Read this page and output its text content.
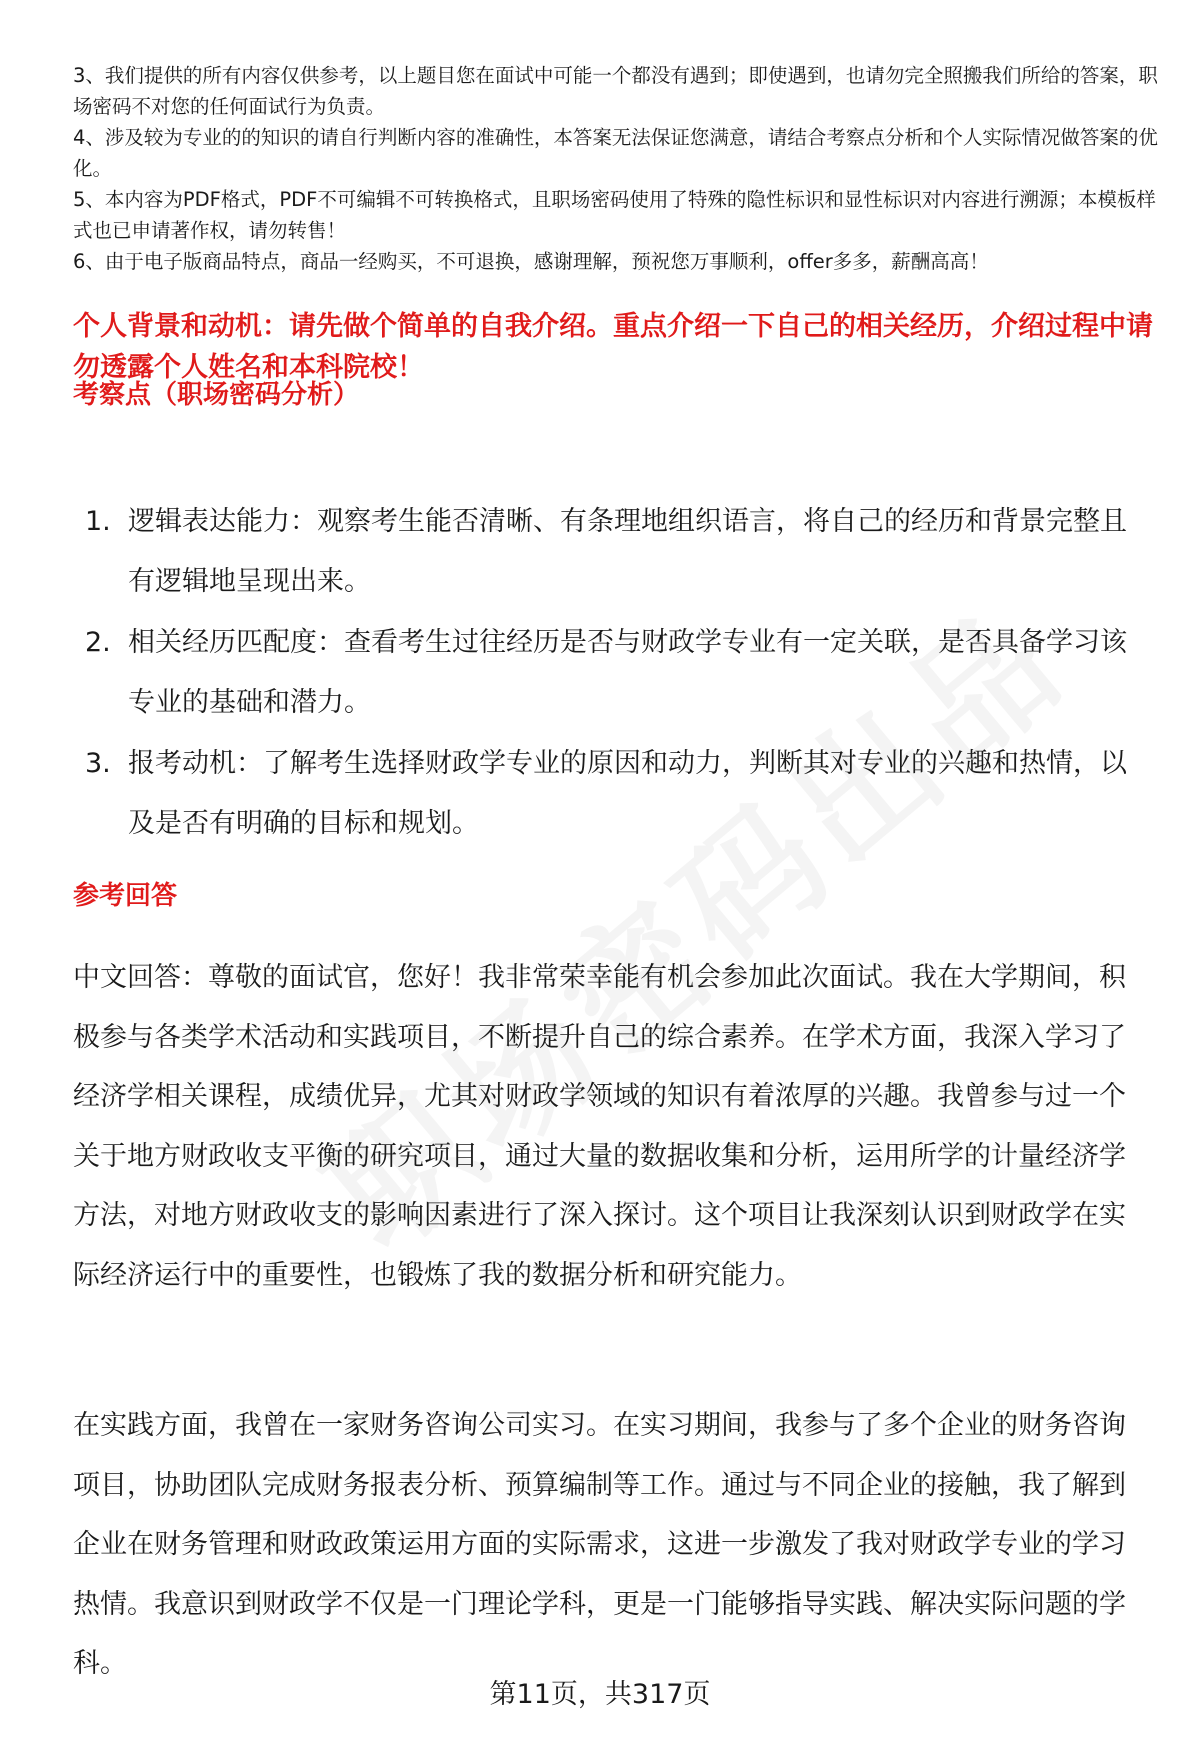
3、我们提供的所有内容仅供参考，以上题目您在面试中可能一个都没有遇到；即使遇到，也请勿完全照搬我们所给的答案，职场密码不对您的任何面试行为负责。

4、涉及较为专业的的知识的请自行判断内容的准确性，本答案无法保证您满意，请结合考察点分析和个人实际情况做答案的优化。

5、本内容为PDF格式，PDF不可编辑不可转换格式，且职场密码使用了特殊的隐性标识和显性标识对内容进行溯源；本模板样式也已申请著作权，请勿转售！

6、由于电子版商品特点，商品一经购买，不可退换，感谢理解，预祝您万事顺利，offer多多，薪酬高高！

个人背景和动机：请先做个简单的自我介绍。重点介绍一下自己的相关经历，介绍过程中请勿透露个人姓名和本科院校！

考察点（职场密码分析）

1. 逻辑表达能力：观察考生能否清晰、有条理地组织语言，将自己的经历和背景完整且有逻辑地呈现出来。
2. 相关经历匹配度：查看考生过往经历是否与财政学专业有一定关联，是否具备学习该专业的基础和潜力。
3. 报考动机：了解考生选择财政学专业的原因和动力，判断其对专业的兴趣和热情，以及是否有明确的目标和规划。

参考回答

中文回答：尊敬的面试官，您好！我非常荣幸能有机会参加此次面试。我在大学期间，积极参与各类学术活动和实践项目，不断提升自己的综合素养。在学术方面，我深入学习了经济学相关课程，成绩优异，尤其对财政学领域的知识有着浓厚的兴趣。我曾参与过一个关于地方财政收支平衡的研究项目，通过大量的数据收集和分析，运用所学的计量经济学方法，对地方财政收支的影响因素进行了深入探讨。这个项目让我深刻认识到财政学在实际经济运行中的重要性，也锻炼了我的数据分析和研究能力。

在实践方面，我曾在一家财务咨询公司实习。在实习期间，我参与了多个企业的财务咨询项目，协助团队完成财务报表分析、预算编制等工作。通过与不同企业的接触，我了解到企业在财务管理和财政政策运用方面的实际需求，这进一步激发了我对财政学专业的学习热情。我意识到财政学不仅是一门理论学科，更是一门能够指导实践、解决实际问题的学科。

第11页，共317页
